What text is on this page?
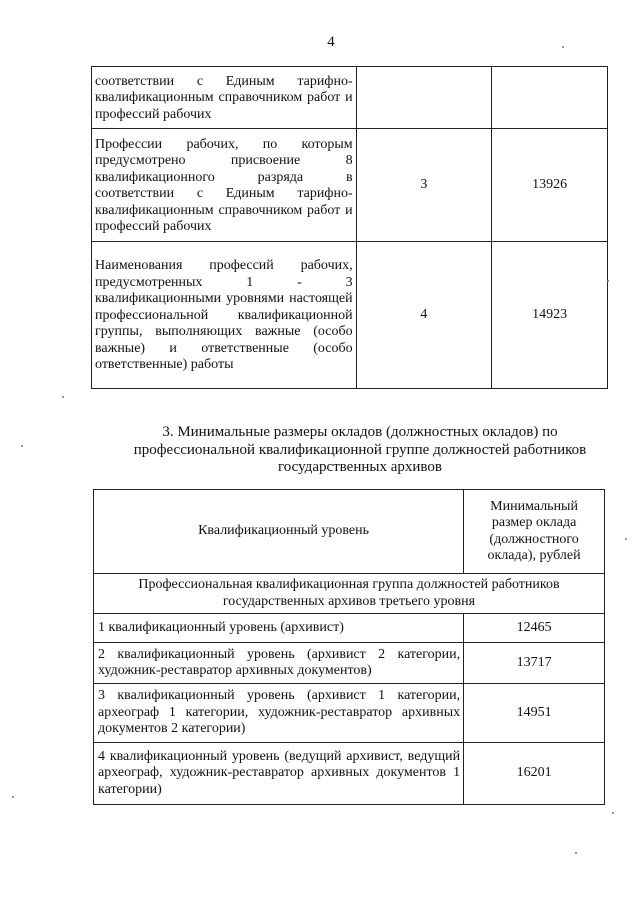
4
соответствии с Единым тарифно-квалификационным справочником работ и профессий рабочих		
Профессии рабочих, по которым предусмотрено присвоение 8 квалификационного разряда в соответствии с Единым тарифно-квалификационным справочником работ и профессий рабочих	3	13926
Наименования профессий рабочих, предусмотренных 1 - 3 квалификационными уровнями настоящей профессиональной квалификационной группы, выполняющих важные (особо важные) и ответственные (особо ответственные) работы	4	14923
3. Минимальные размеры окладов (должностных окладов) по профессиональной квалификационной группе должностей работников государственных архивов
Квалификационный уровень	Минимальный размер оклада (должностного оклада), рублей
Профессиональная квалификационная группа должностей работников государственных архивов третьего уровня	
1 квалификационный уровень (архивист)	12465
2 квалификационный уровень (архивист 2 категории, художник-реставратор архивных документов)	13717
3 квалификационный уровень (архивист 1 категории, археограф 1 категории, художник-реставратор архивных документов 2 категории)	14951
4 квалификационный уровень (ведущий архивист, ведущий археограф, художник-реставратор архивных документов 1 категории)	16201
